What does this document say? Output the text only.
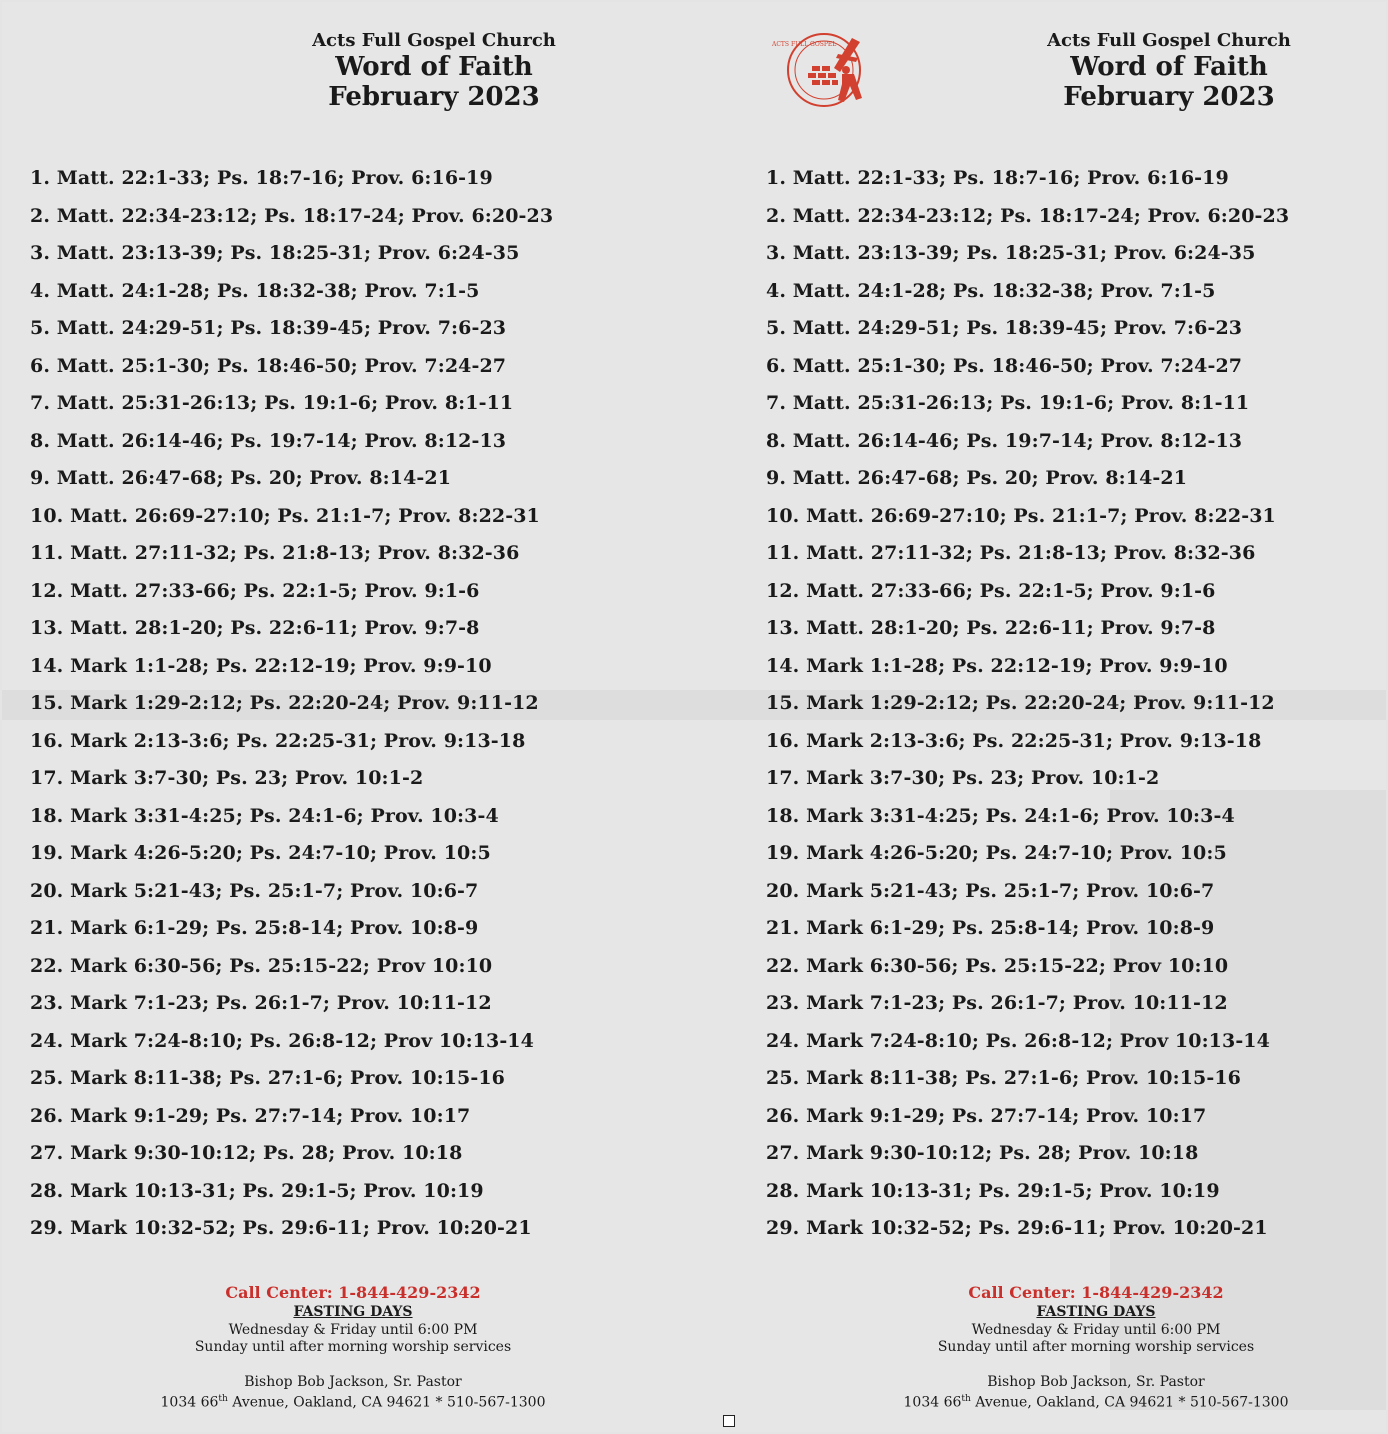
Acts Full Gospel Church
Word of Faith
February 2023
1. Matt. 22:1-33; Ps. 18:7-16; Prov. 6:16-19
2. Matt. 22:34-23:12; Ps. 18:17-24; Prov. 6:20-23
3. Matt. 23:13-39; Ps. 18:25-31; Prov. 6:24-35
4. Matt. 24:1-28; Ps. 18:32-38; Prov. 7:1-5
5. Matt. 24:29-51; Ps. 18:39-45; Prov. 7:6-23
6. Matt. 25:1-30; Ps. 18:46-50; Prov. 7:24-27
7. Matt. 25:31-26:13; Ps. 19:1-6; Prov. 8:1-11
8. Matt. 26:14-46; Ps. 19:7-14; Prov. 8:12-13
9. Matt. 26:47-68; Ps. 20; Prov. 8:14-21
10. Matt. 26:69-27:10; Ps. 21:1-7; Prov. 8:22-31
11. Matt. 27:11-32; Ps. 21:8-13; Prov. 8:32-36
12. Matt. 27:33-66; Ps. 22:1-5; Prov. 9:1-6
13. Matt. 28:1-20; Ps. 22:6-11; Prov. 9:7-8
14. Mark 1:1-28; Ps. 22:12-19; Prov. 9:9-10
15. Mark 1:29-2:12; Ps. 22:20-24; Prov. 9:11-12
16. Mark 2:13-3:6; Ps. 22:25-31; Prov. 9:13-18
17. Mark 3:7-30; Ps. 23; Prov. 10:1-2
18. Mark 3:31-4:25; Ps. 24:1-6; Prov. 10:3-4
19. Mark 4:26-5:20; Ps. 24:7-10; Prov. 10:5
20. Mark 5:21-43; Ps. 25:1-7; Prov. 10:6-7
21. Mark 6:1-29; Ps. 25:8-14; Prov. 10:8-9
22. Mark 6:30-56; Ps. 25:15-22; Prov 10:10
23. Mark 7:1-23; Ps. 26:1-7; Prov. 10:11-12
24. Mark 7:24-8:10; Ps. 26:8-12; Prov 10:13-14
25. Mark 8:11-38; Ps. 27:1-6; Prov. 10:15-16
26. Mark 9:1-29; Ps. 27:7-14; Prov. 10:17
27. Mark 9:30-10:12; Ps. 28; Prov. 10:18
28. Mark 10:13-31; Ps. 29:1-5; Prov. 10:19
29. Mark 10:32-52; Ps. 29:6-11; Prov. 10:20-21
Call Center: 1-844-429-2342
FASTING DAYS
Wednesday & Friday until 6:00 PM
Sunday until after morning worship services
Bishop Bob Jackson, Sr. Pastor
1034 66th Avenue, Oakland, CA 94621 * 510-567-1300
Acts Full Gospel Church
Word of Faith
February 2023
1. Matt. 22:1-33; Ps. 18:7-16; Prov. 6:16-19
2. Matt. 22:34-23:12; Ps. 18:17-24; Prov. 6:20-23
3. Matt. 23:13-39; Ps. 18:25-31; Prov. 6:24-35
4. Matt. 24:1-28; Ps. 18:32-38; Prov. 7:1-5
5. Matt. 24:29-51; Ps. 18:39-45; Prov. 7:6-23
6. Matt. 25:1-30; Ps. 18:46-50; Prov. 7:24-27
7. Matt. 25:31-26:13; Ps. 19:1-6; Prov. 8:1-11
8. Matt. 26:14-46; Ps. 19:7-14; Prov. 8:12-13
9. Matt. 26:47-68; Ps. 20; Prov. 8:14-21
10. Matt. 26:69-27:10; Ps. 21:1-7; Prov. 8:22-31
11. Matt. 27:11-32; Ps. 21:8-13; Prov. 8:32-36
12. Matt. 27:33-66; Ps. 22:1-5; Prov. 9:1-6
13. Matt. 28:1-20; Ps. 22:6-11; Prov. 9:7-8
14. Mark 1:1-28; Ps. 22:12-19; Prov. 9:9-10
15. Mark 1:29-2:12; Ps. 22:20-24; Prov. 9:11-12
16. Mark 2:13-3:6; Ps. 22:25-31; Prov. 9:13-18
17. Mark 3:7-30; Ps. 23; Prov. 10:1-2
18. Mark 3:31-4:25; Ps. 24:1-6; Prov. 10:3-4
19. Mark 4:26-5:20; Ps. 24:7-10; Prov. 10:5
20. Mark 5:21-43; Ps. 25:1-7; Prov. 10:6-7
21. Mark 6:1-29; Ps. 25:8-14; Prov. 10:8-9
22. Mark 6:30-56; Ps. 25:15-22; Prov 10:10
23. Mark 7:1-23; Ps. 26:1-7; Prov. 10:11-12
24. Mark 7:24-8:10; Ps. 26:8-12; Prov 10:13-14
25. Mark 8:11-38; Ps. 27:1-6; Prov. 10:15-16
26. Mark 9:1-29; Ps. 27:7-14; Prov. 10:17
27. Mark 9:30-10:12; Ps. 28; Prov. 10:18
28. Mark 10:13-31; Ps. 29:1-5; Prov. 10:19
29. Mark 10:32-52; Ps. 29:6-11; Prov. 10:20-21
Call Center: 1-844-429-2342
FASTING DAYS
Wednesday & Friday until 6:00 PM
Sunday until after morning worship services
Bishop Bob Jackson, Sr. Pastor
1034 66th Avenue, Oakland, CA 94621 * 510-567-1300
ACTS FULL GOSPEL
